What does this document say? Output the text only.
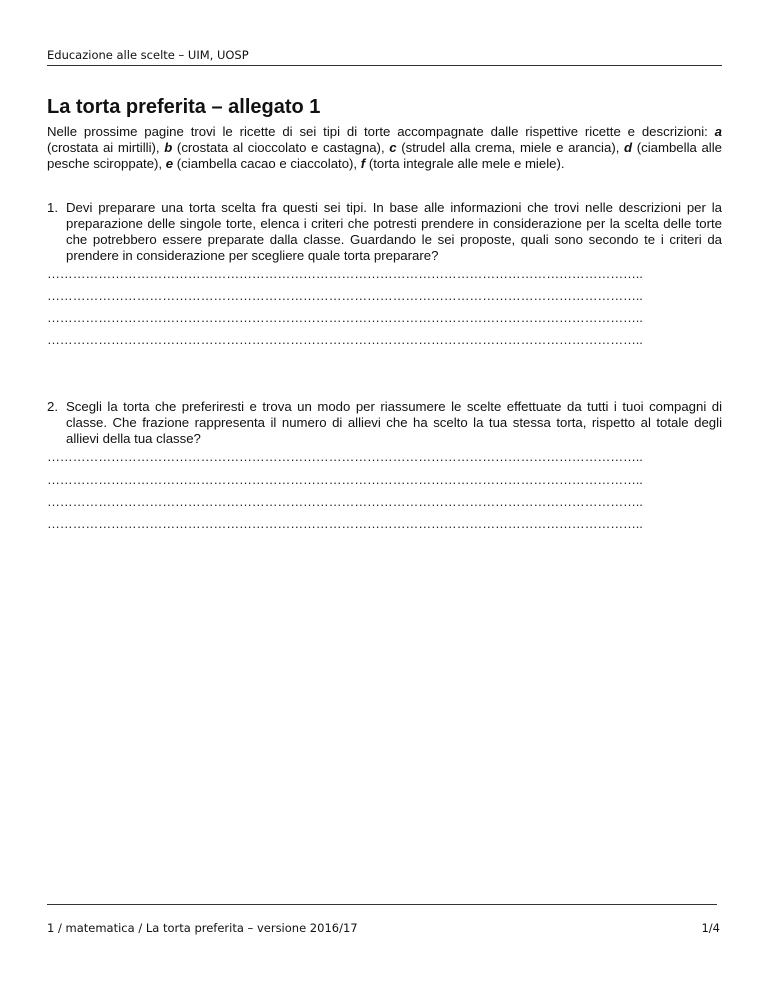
Educazione alle scelte – UIM, UOSP
La torta preferita – allegato 1

Nelle prossime pagine trovi le ricette di sei tipi di torte accompagnate dalle rispettive ricette e descrizioni: a (crostata ai mirtilli), b (crostata al cioccolato e castagna), c (strudel alla crema, miele e arancia), d (ciambella alle pesche sciroppate), e (ciambella cacao e ciaccolato), f (torta integrale alle mele e miele).

1. Devi preparare una torta scelta fra questi sei tipi. In base alle informazioni che trovi nelle descrizioni per la preparazione delle singole torte, elenca i criteri che potresti prendere in considerazione per la scelta delle torte che potrebbero essere preparate dalla classe. Guardando le sei proposte, quali sono secondo te i criteri da prendere in considerazione per scegliere quale torta preparare?
…………………………………………………………………………………………………………………………..
…………………………………………………………………………………………………………………………..
…………………………………………………………………………………………………………………………..
…………………………………………………………………………………………………………………………..
2. Scegli la torta che preferiresti e trova un modo per riassumere le scelte effettuate da tutti i tuoi compagni di classe. Che frazione rappresenta il numero di allievi che ha scelto la tua stessa torta, rispetto al totale degli allievi della tua classe?
…………………………………………………………………………………………………………………………..
…………………………………………………………………………………………………………………………..
…………………………………………………………………………………………………………………………..
…………………………………………………………………………………………………………………………..
1 / matematica / La torta preferita – versione 2016/17	1/4
